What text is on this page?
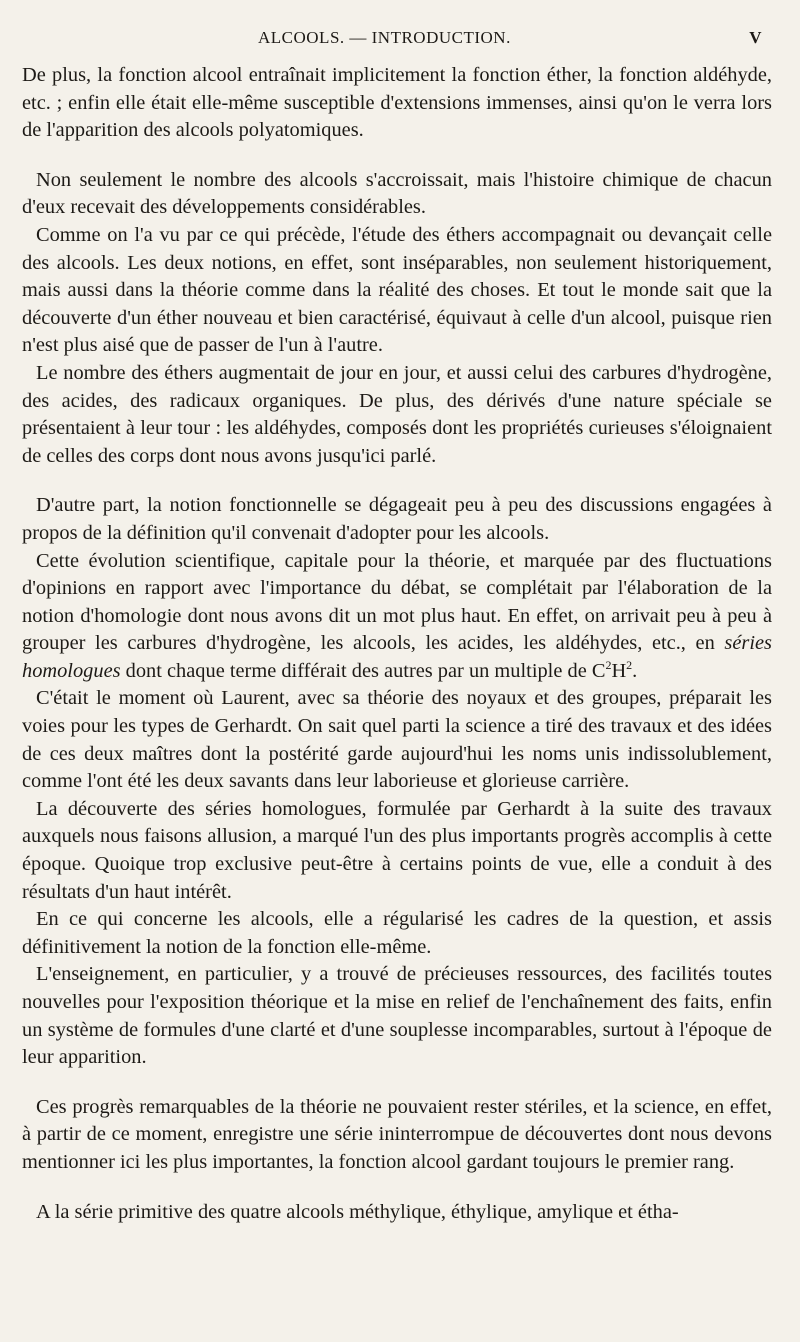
ALCOOLS. — INTRODUCTION.	V

De plus, la fonction alcool entraînait implicitement la fonction éther, la fonction aldéhyde, etc. ; enfin elle était elle-même susceptible d'extensions immenses, ainsi qu'on le verra lors de l'apparition des alcools polyatomiques.

Non seulement le nombre des alcools s'accroissait, mais l'histoire chimique de chacun d'eux recevait des développements considérables.

Comme on l'a vu par ce qui précède, l'étude des éthers accompagnait ou devançait celle des alcools. Les deux notions, en effet, sont inséparables, non seulement historiquement, mais aussi dans la théorie comme dans la réalité des choses. Et tout le monde sait que la découverte d'un éther nouveau et bien caractérisé, équivaut à celle d'un alcool, puisque rien n'est plus aisé que de passer de l'un à l'autre.

Le nombre des éthers augmentait de jour en jour, et aussi celui des carbures d'hydrogène, des acides, des radicaux organiques. De plus, des dérivés d'une nature spéciale se présentaient à leur tour : les aldéhydes, composés dont les propriétés curieuses s'éloignaient de celles des corps dont nous avons jusqu'ici parlé.

D'autre part, la notion fonctionnelle se dégageait peu à peu des discussions engagées à propos de la définition qu'il convenait d'adopter pour les alcools.

Cette évolution scientifique, capitale pour la théorie, et marquée par des fluctuations d'opinions en rapport avec l'importance du débat, se complétait par l'élaboration de la notion d'homologie dont nous avons dit un mot plus haut. En effet, on arrivait peu à peu à grouper les carbures d'hydrogène, les alcools, les acides, les aldéhydes, etc., en séries homologues dont chaque terme différait des autres par un multiple de $C^2H^2$.

C'était le moment où Laurent, avec sa théorie des noyaux et des groupes, préparait les voies pour les types de Gerhardt. On sait quel parti la science a tiré des travaux et des idées de ces deux maîtres dont la postérité garde aujourd'hui les noms unis indissolublement, comme l'ont été les deux savants dans leur laborieuse et glorieuse carrière.

La découverte des séries homologues, formulée par Gerhardt à la suite des travaux auxquels nous faisons allusion, a marqué l'un des plus importants progrès accomplis à cette époque. Quoique trop exclusive peut-être à certains points de vue, elle a conduit à des résultats d'un haut intérêt.

En ce qui concerne les alcools, elle a régularisé les cadres de la question, et assis définitivement la notion de la fonction elle-même.

L'enseignement, en particulier, y a trouvé de précieuses ressources, des facilités toutes nouvelles pour l'exposition théorique et la mise en relief de l'enchaînement des faits, enfin un système de formules d'une clarté et d'une souplesse incomparables, surtout à l'époque de leur apparition.

Ces progrès remarquables de la théorie ne pouvaient rester stériles, et la science, en effet, à partir de ce moment, enregistre une série ininterrompue de découvertes dont nous devons mentionner ici les plus importantes, la fonction alcool gardant toujours le premier rang.

A la série primitive des quatre alcools méthylique, éthylique, amylique et étha-
